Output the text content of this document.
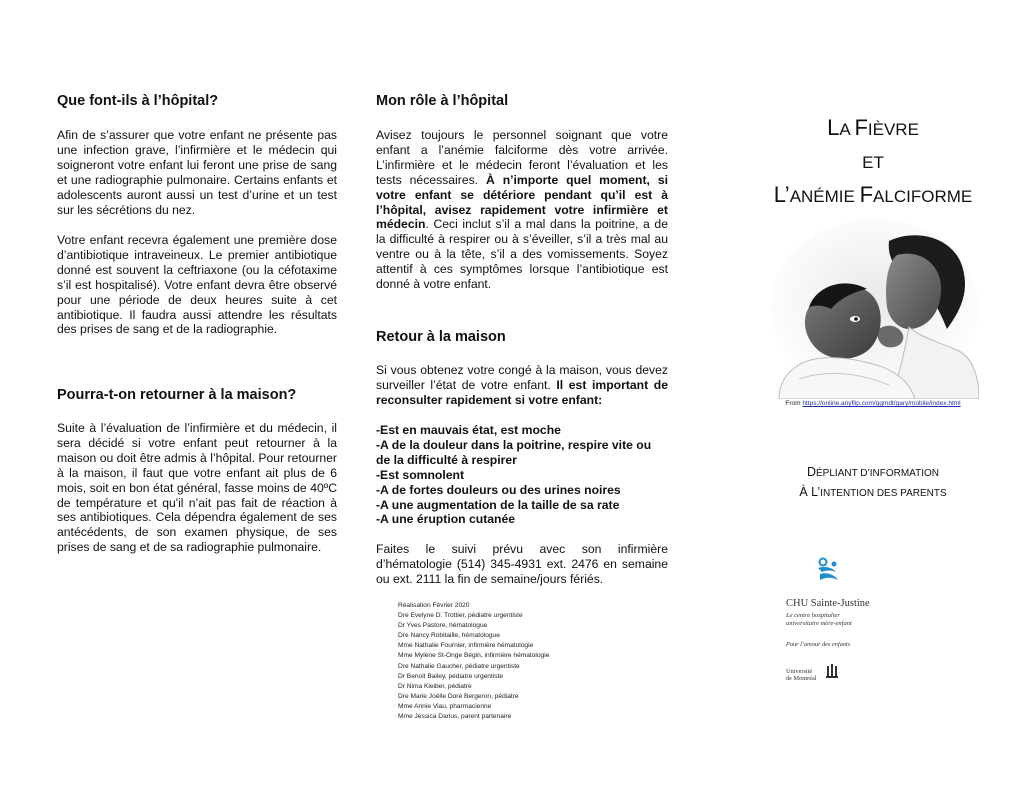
Que font-ils à l’hôpital?

Afin de s’assurer que votre enfant ne présente pas une infection grave, l’infirmière et le médecin qui soigneront votre enfant lui feront une prise de sang et une radiographie pulmonaire. Certains enfants et adolescents auront aussi un test d’urine et un test sur les sécrétions du nez.

Votre enfant recevra également une première dose d’antibiotique intraveineux. Le premier antibiotique donné est souvent la ceftriaxone (ou la céfotaxime s’il est hospitalisé). Votre enfant devra être observé pour une période de deux heures suite à cet antibiotique. Il faudra aussi attendre les résultats des prises de sang et de la radiographie.

Pourra-t-on retourner à la maison?

Suite à l’évaluation de l’infirmière et du médecin, il sera décidé si votre enfant peut retourner à la maison ou doit être admis à l’hôpital. Pour retourner à la maison, il faut que votre enfant ait plus de 6 mois, soit en bon état général, fasse moins de 40ºC de température et qu'il n’ait pas fait de réaction à ses antibiotiques. Cela dépendra également de ses antécédents, de son examen physique, de ses prises de sang et de sa radiographie pulmonaire.

Mon rôle à l’hôpital

Avisez toujours le personnel soignant que votre enfant a l’anémie falciforme dès votre arrivée. L’infirmière et le médecin feront l’évaluation et les tests nécessaires. À n’importe quel moment, si votre enfant se détériore pendant qu’il est à l’hôpital, avisez rapidement votre infirmière et médecin. Ceci inclut s’il a mal dans la poitrine, a de la difficulté à respirer ou à s’éveiller, s’il a très mal au ventre ou à la tête, s’il a des vomissements. Soyez attentif à ces symptômes lorsque l’antibiotique est donné à votre enfant.

Retour à la maison

Si vous obtenez votre congé à la maison, vous devez surveiller l’état de votre enfant. Il est important de reconsulter rapidement si votre enfant:

-Est en mauvais état, est moche
-A de la douleur dans la poitrine, respire vite ou de la difficulté à respirer
-Est somnolent
-A de fortes douleurs ou des urines noires
-A une augmentation de la taille de sa rate
-A une éruption cutanée

Faites le suivi prévu avec son infirmière d’hématologie (514) 345-4931 ext. 2476 en semaine ou ext. 2111 la fin de semaine/jours fériés.

Réalisation Février 2020
Dre Evelyne D. Trottier, pédiatre urgentiste
Dr Yves Pastore, hématologue
Dre Nancy Robitaille, hématologue
Mme Nathalie Fournier, infirmière hématologie
Mme Mylène St-Onge Bégin, infirmière hématologie
Dre Nathalie Gaucher, pédiatre urgentiste
Dr Benoit Bailey, pédiatre urgentiste
Dr Nima Kleiber, pédiatre
Dre Marie Joëlle Doré Bergeron, pédiatre
Mme Annie Viau, pharmacienne
Mme Jessica Darius, parent partenaire
LA FIÈVRE
ET
L’ANÉMIE FALCIFORME
From https://online.anyflip.com/qgmdt/gary/mobile/index.html
DÉPLIANT D’INFORMATION
À L’INTENTION DES PARENTS
CHU Sainte-Justine
Le centre hospitalier
universitaire mère-enfant
Pour l’amour des enfants
Université
de Montréal
